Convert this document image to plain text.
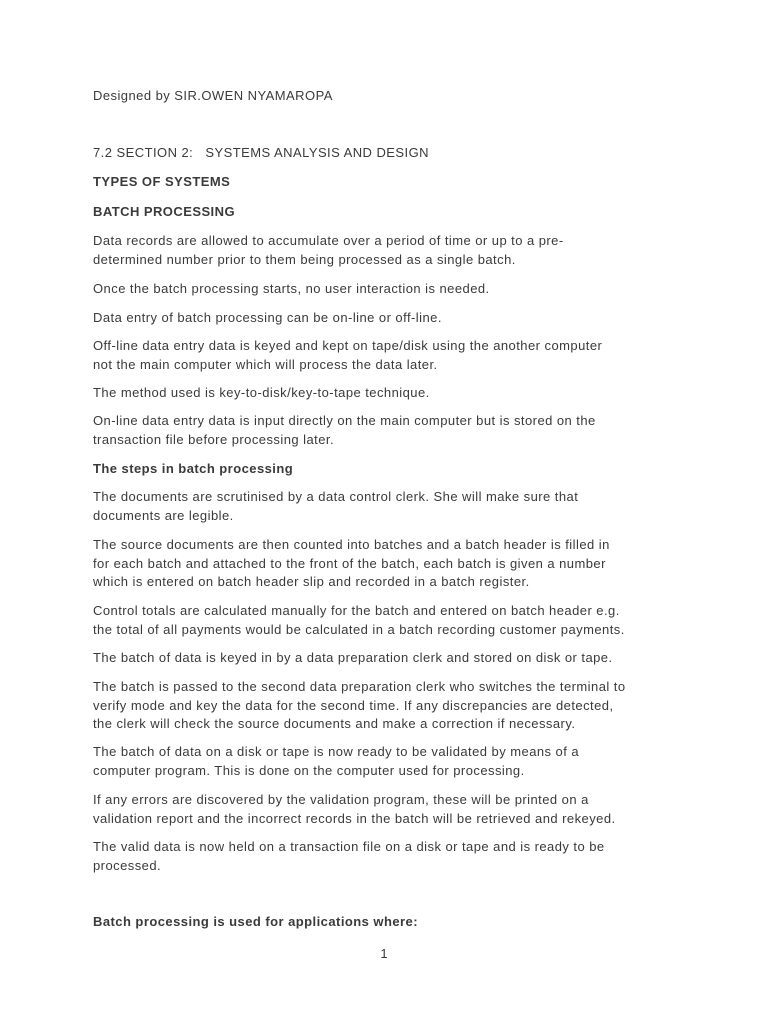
Designed by SIR.OWEN NYAMAROPA
7.2 SECTION 2:   SYSTEMS ANALYSIS AND DESIGN
TYPES OF SYSTEMS
BATCH PROCESSING
Data records are allowed to accumulate over a period of time or up to a pre-
determined number prior to them being processed as a single batch.
Once the batch processing starts, no user interaction is needed.
Data entry of batch processing can be on-line or off-line.
Off-line data entry data is keyed and kept on tape/disk using the another computer
not the main computer which will process the data later.
The method used is key-to-disk/key-to-tape technique.
On-line data entry data is input directly on the main computer but is stored on the
transaction file before processing later.
The steps in batch processing
The documents are scrutinised by a data control clerk. She will make sure that
documents are legible.
The source documents are then counted into batches and a batch header is filled in
for each batch and attached to the front of the batch, each batch is given a number
which is entered on batch header slip and recorded in a batch register.
Control totals are calculated manually for the batch and entered on batch header e.g.
the total of all payments would be calculated in a batch recording customer payments.
The batch of data is keyed in by a data preparation clerk and stored on disk or tape.
The batch is passed to the second data preparation clerk who switches the terminal to
verify mode and key the data for the second time. If any discrepancies are detected,
the clerk will check the source documents and make a correction if necessary.
The batch of data on a disk or tape is now ready to be validated by means of a
computer program. This is done on the computer used for processing.
If any errors are discovered by the validation program, these will be printed on a
validation report and the incorrect records in the batch will be retrieved and rekeyed.
The valid data is now held on a transaction file on a disk or tape and is ready to be
processed.
Batch processing is used for applications where:
1
